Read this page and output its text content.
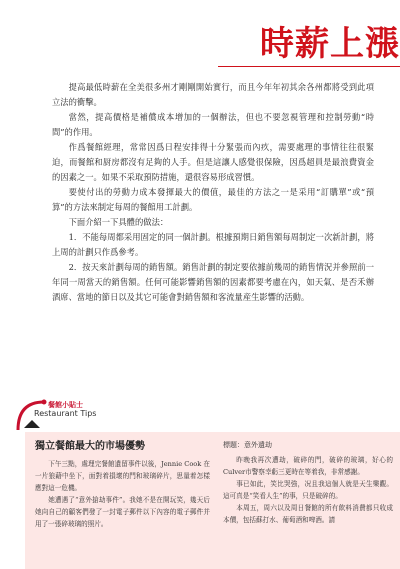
時薪上漲

提高最低時薪在全美很多州才剛剛開始實行，而且今年年初其余各州都將受到此項立法的衝擊。

當然，提高價格是補償成本增加的一個辦法，但也不要忽視管理和控制勞動“時間”的作用。

作爲餐館經理，常常因爲日程安排得十分緊張而內疚，需要處理的事情往往很緊迫，而餐館和厨房都沒有足夠的人手。但是這讓人感覺很保險，因爲超員是最浪費資金的因素之一。如果不采取預防措施，還很容易形成習慣。

要使付出的勞動力成本發揮最大的價值，最佳的方法之一是采用“訂購單”或“預算”的方法來制定每周的餐館用工計劃。

下面介紹一下具體的做法：

1．不能每周都采用固定的同一個計劃。根據預期日銷售額每周制定一次新計劃，將上周的計劃只作爲參考。

2．按天來計劃每周的銷售額。銷售計劃的制定要依據前幾周的銷售情況并參照前一年同一周當天的銷售額。任何可能影響銷售額的因素都要考慮在內，如天氣、是否禾辦酒席、當地的節日以及其它可能會對銷售額和客流量産生影響的活動。

餐館小貼士
Restaurant Tips

獨立餐館最大的市場優勢

下午三點，處理完餐館遺留事件以後，Jennie Cook 在一片狼藉中坐下，面對着損壞的門和玻璃碎片，思量着怎樣應對這一危機。

她遭遇了“意外搶劫事件”。我她不是在開玩笑，幾天后她向自己的顧客們發了一封電子郵件以下內容的電子郵件并用了一張碎玻璃的照片。

標題：意外遺劫

昨晚我再次遭劫，破碎的門，破碎的玻璃，好心的Culver市警察幸虧三更時在等着我，非常感謝。

事已如此，笑比哭強，况且我這個人就是天生樂觀。這可真是“笑看人生”的事，只是破碎的。

本周五，周六以及周日餐館的所有飲料消費都只收成本價，包括蘇打水、葡萄酒和啤酒。請
